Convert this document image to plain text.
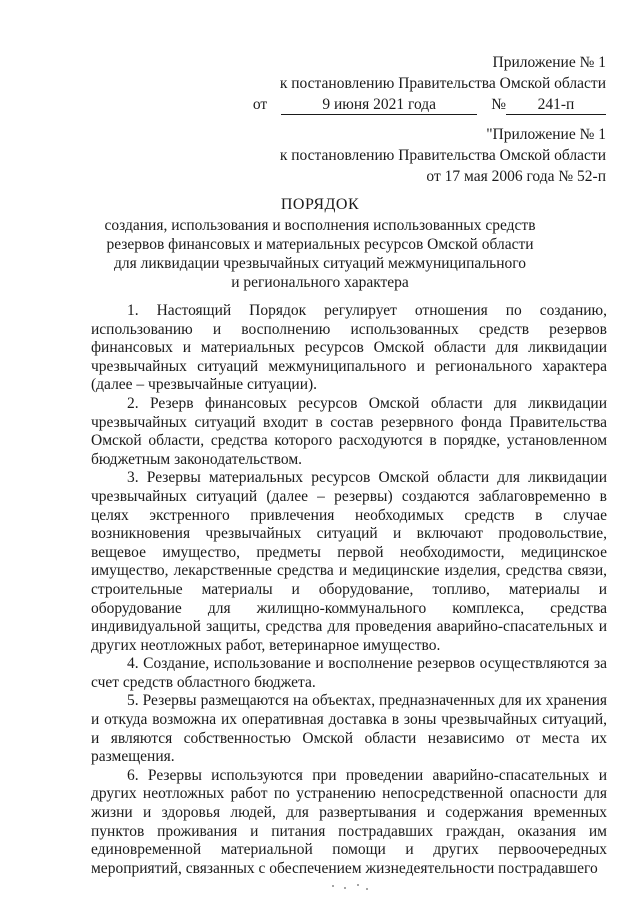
Приложение № 1
к постановлению Правительства Омской области
от	9 июня 2021 года	№ 241-п
"Приложение № 1
к постановлению Правительства Омской области
от 17 мая 2006 года № 52-п
ПОРЯДОК
создания, использования и восполнения использованных средств
резервов финансовых и материальных ресурсов Омской области
для ликвидации чрезвычайных ситуаций межмуниципального
и регионального характера

1. Настоящий Порядок регулирует отношения по созданию, использованию и восполнению использованных средств резервов финансовых и материальных ресурсов Омской области для ликвидации чрезвычайных ситуаций межмуниципального и регионального характера (далее – чрезвычайные ситуации).

2. Резерв финансовых ресурсов Омской области для ликвидации чрезвычайных ситуаций входит в состав резервного фонда Правительства Омской области, средства которого расходуются в порядке, установленном бюджетным законодательством.

3. Резервы материальных ресурсов Омской области для ликвидации чрезвычайных ситуаций (далее – резервы) создаются заблаговременно в целях экстренного привлечения необходимых средств в случае возникновения чрезвычайных ситуаций и включают продовольствие, вещевое имущество, предметы первой необходимости, медицинское имущество, лекарственные средства и медицинские изделия, средства связи, строительные материалы и оборудование, топливо, материалы и оборудование для жилищно-коммунального комплекса, средства индивидуальной защиты, средства для проведения аварийно-спасательных и других неотложных работ, ветеринарное имущество.

4. Создание, использование и восполнение резервов осуществляются за счет средств областного бюджета.

5. Резервы размещаются на объектах, предназначенных для их хранения и откуда возможна их оперативная доставка в зоны чрезвычайных ситуаций, и являются собственностью Омской области независимо от места их размещения.

6. Резервы используются при проведении аварийно-спасательных и других неотложных работ по устранению непосредственной опасности для жизни и здоровья людей, для развертывания и содержания временных пунктов проживания и питания пострадавших граждан, оказания им единовременной материальной помощи и других первоочередных мероприятий, связанных с обеспечением жизнедеятельности пострадавшего
